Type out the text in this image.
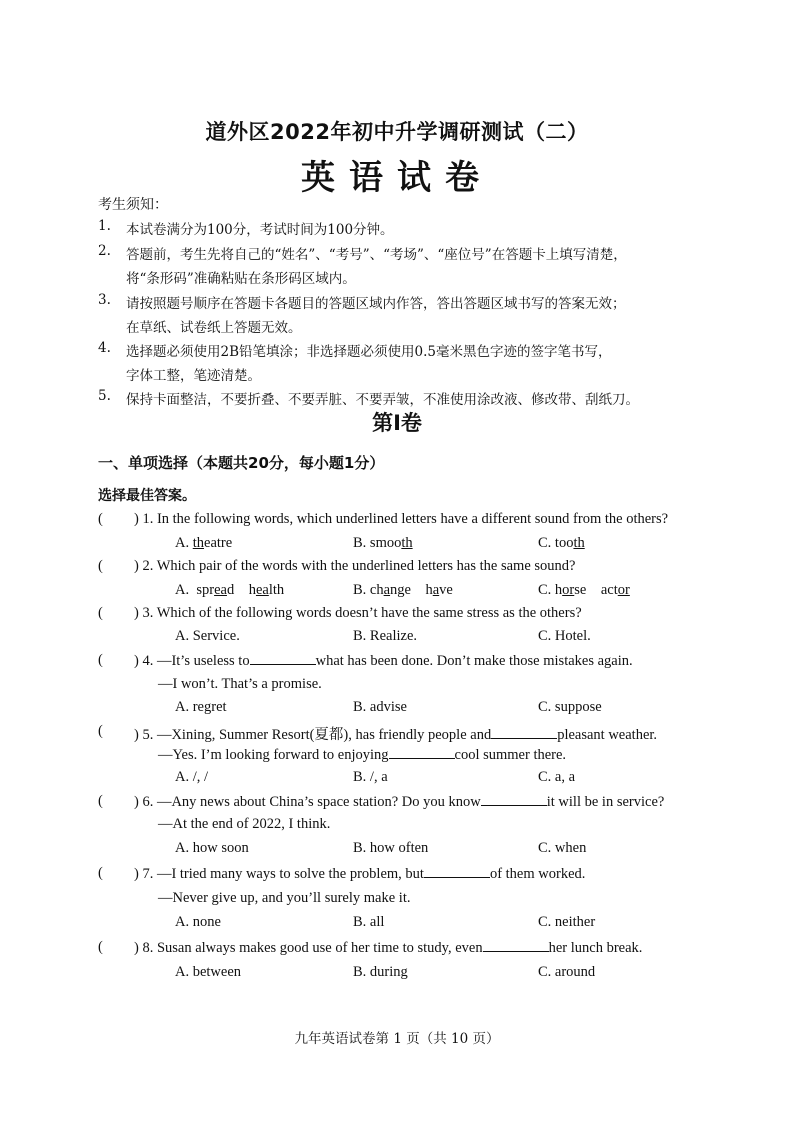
道外区2022年初中升学调研测试（二）
英语试卷
考生须知：
1. 本试卷满分为100分，考试时间为100分钟。
2. 答题前，考生先将自己的“姓名”、“考号”、“考场”、“座位号”在答题卡上填写清楚，
将“条形码”准确粘贴在条形码区域内。
3. 请按照题号顺序在答题卡各题目的答题区域内作答，答出答题区域书写的答案无效；
在草纸、试卷纸上答题无效。
4. 选择题必须使用2B铅笔填涂；非选择题必须使用0.5毫米黑色字迹的签字笔书写，
字体工整，笔迹清楚。
5. 保持卡面整洁，不要折叠、不要弄脏、不要弄皱，不准使用涂改液、修改带、刮纸刀。
第I卷
一、单项选择（本题共20分，每小题1分）
选择最佳答案。
( ) 1. In the following words, which underlined letters have a different sound from the others?
A. theatre	B. smooth	C. tooth
( ) 2. Which pair of the words with the underlined letters has the same sound?
A.  spread    health	B. change    have	C. horse    actor
( ) 3. Which of the following words doesn’t have the same stress as the others?
A. Service.	B. Realize.	C. Hotel.
( ) 4. —It’s useless to	what has been done. Don’t make those mistakes again.
—I won’t. That’s a promise.
A. regret	B. advise	C. suppose
( ) 5. —Xining, Summer Resort(夏都), has friendly people and	pleasant weather.
—Yes. I’m looking forward to enjoying	cool summer there.
A. /, /	B. /, a	C. a, a
( ) 6. —Any news about China’s space station? Do you know	it will be in service?
—At the end of 2022, I think.
A. how soon	B. how often	C. when
( ) 7. —I tried many ways to solve the problem, but	of them worked.
—Never give up, and you’ll surely make it.
A. none	B. all	C. neither
( ) 8. Susan always makes good use of her time to study, even	her lunch break.
A. between	B. during	C. around
九年英语试卷第 1 页（共 10 页）
